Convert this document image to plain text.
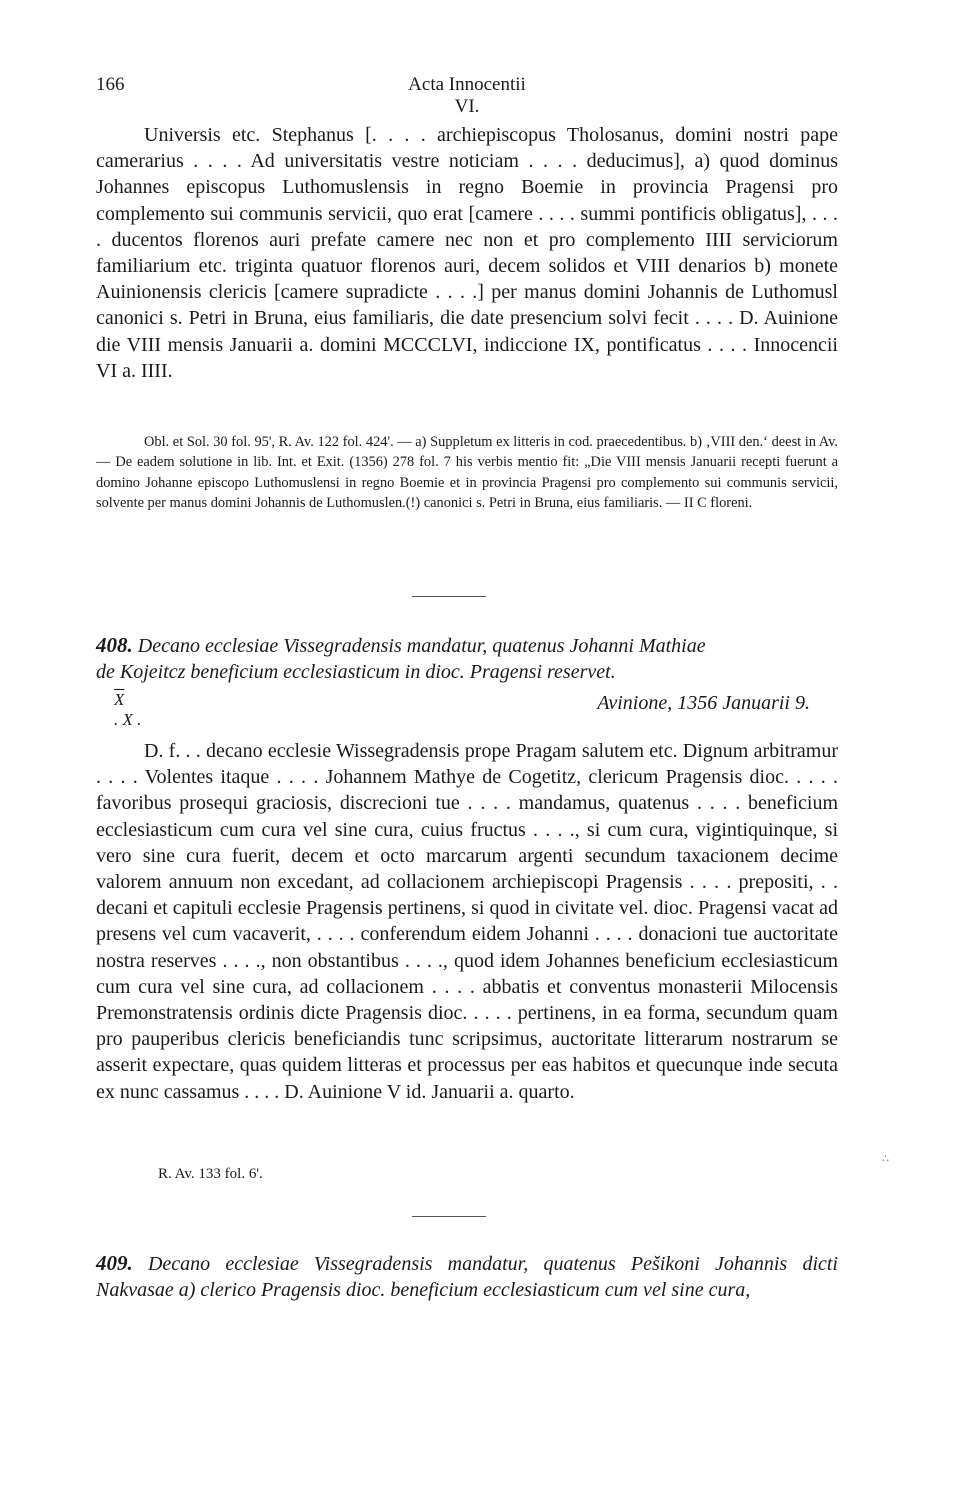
166	Acta Innocentii VI.

Universis etc. Stephanus [. . . . archiepiscopus Tholosanus, domini nostri pape camerarius . . . . Ad universitatis vestre noticiam . . . . deducimus], a) quod dominus Johannes episcopus Luthomuslensis in regno Boemie in provincia Pragensi pro complemento sui communis servicii, quo erat [camere . . . . summi pontificis obligatus], . . . . ducentos florenos auri prefate camere nec non et pro complemento IIII serviciorum familiarium etc. triginta quatuor florenos auri, decem solidos et VIII denarios b) monete Auinionensis clericis [camere supradicte . . . .] per manus domini Johannis de Luthomusl canonici s. Petri in Bruna, eius familiaris, die date presencium solvi fecit . . . . D. Auinione die VIII mensis Januarii a. domini MCCCLVI, indiccione IX, pontificatus . . . . Innocencii VI a. IIII.

Obl. et Sol. 30 fol. 95', R. Av. 122 fol. 424'. — a) Suppletum ex litteris in cod. praecedentibus. b) ‚VIII den.‘ deest in Av. — De eadem solutione in lib. Int. et Exit. (1356) 278 fol. 7 his verbis mentio fit: „Die VIII mensis Januarii recepti fuerunt a domino Johanne episcopo Luthomuslensi in regno Boemie et in provincia Pragensi pro complemento sui communis servicii, solvente per manus domini Johannis de Luthomuslen.(!) canonici s. Petri in Bruna, eius familiaris. — II C floreni.

408. Decano ecclesiae Vissegradensis mandatur, quatenus Johanni Mathiae
de Kojeitcz beneficium ecclesiasticum in dioc. Pragensi reservet.
$\overline{X}$
. X .
Avinione, 1356 Januarii 9.

D. f. . . decano ecclesie Wissegradensis prope Pragam salutem etc. Dignum arbitramur . . . . Volentes itaque . . . . Johannem Mathye de Cogetitz, clericum Pragensis dioc. . . . . favoribus prosequi graciosis, discrecioni tue . . . . mandamus, quatenus . . . . beneficium ecclesiasticum cum cura vel sine cura, cuius fructus . . . ., si cum cura, vigintiquinque, si vero sine cura fuerit, decem et octo marcarum argenti secundum taxacionem decime valorem annuum non excedant, ad collacionem archiepiscopi Pragensis . . . . prepositi, . . decani et capituli ecclesie Pragensis pertinens, si quod in civitate vel. dioc. Pragensi vacat ad presens vel cum vacaverit, . . . . conferendum eidem Johanni . . . . donacioni tue auctoritate nostra reserves . . . ., non obstantibus . . . ., quod idem Johannes beneficium ecclesiasticum cum cura vel sine cura, ad collacionem . . . . abbatis et conventus monasterii Milocensis Premonstratensis ordinis dicte Pragensis dioc. . . . . pertinens, in ea forma, secundum quam pro pauperibus clericis beneficiandis tunc scripsimus, auctoritate litterarum nostrarum se asserit expectare, quas quidem litteras et processus per eas habitos et quecunque inde secuta ex nunc cassamus . . . . D. Auinione V id. Januarii a. quarto.

R. Av. 133 fol. 6'.
∴

409. Decano ecclesiae Vissegradensis mandatur, quatenus Pešikoni Johannis dicti Nakvasae a) clerico Pragensis dioc. beneficium ecclesiasticum cum vel sine cura,
